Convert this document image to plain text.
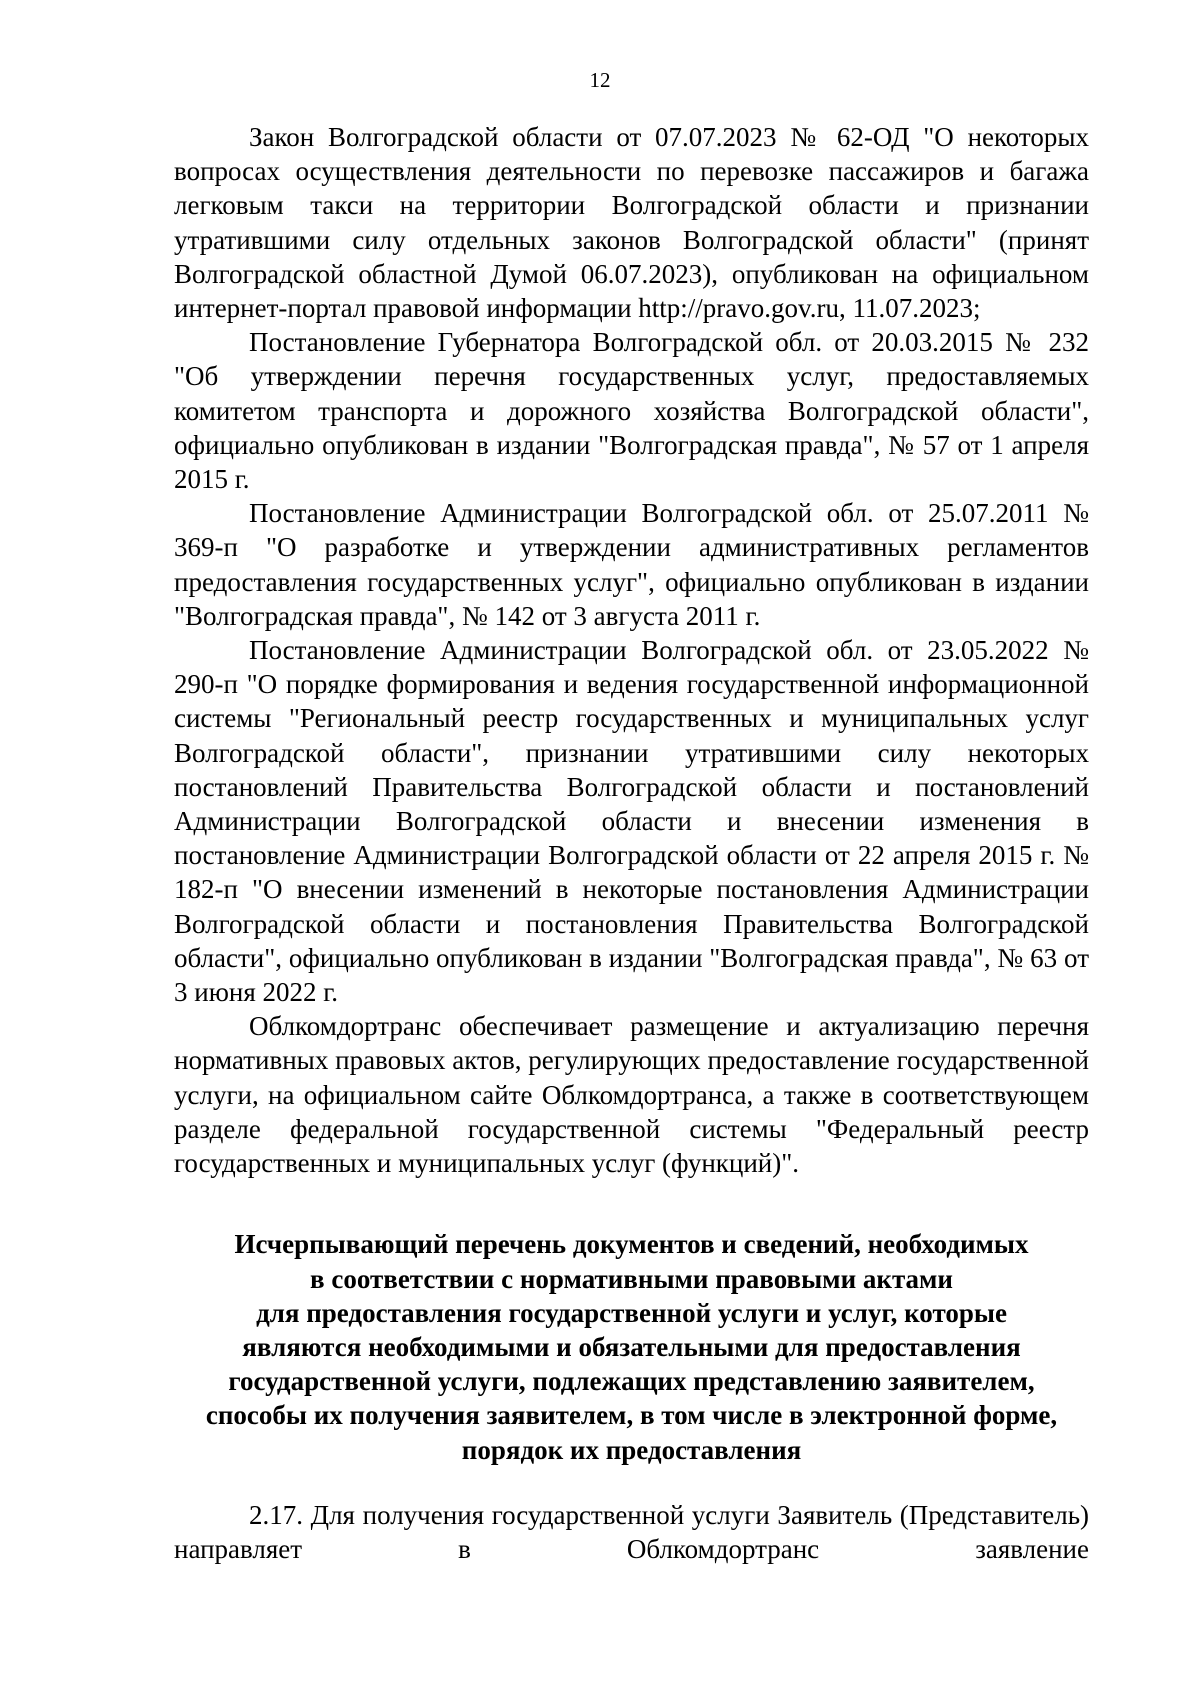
12

Закон Волгоградской области от 07.07.2023 № 62-ОД "О некоторых вопросах осуществления деятельности по перевозке пассажиров и багажа легковым такси на территории Волгоградской области и признании утратившими силу отдельных законов Волгоградской области" (принят Волгоградской областной Думой 06.07.2023), опубликован на официальном интернет-портал правовой информации http://pravo.gov.ru, 11.07.2023;

Постановление Губернатора Волгоградской обл. от 20.03.2015 № 232 "Об утверждении перечня государственных услуг, предоставляемых комитетом транспорта и дорожного хозяйства Волгоградской области", официально опубликован в издании "Волгоградская правда", № 57 от 1 апреля 2015 г.

Постановление Администрации Волгоградской обл. от 25.07.2011 № 369-п "О разработке и утверждении административных регламентов предоставления государственных услуг", официально опубликован в издании "Волгоградская правда", № 142 от 3 августа 2011 г.

Постановление Администрации Волгоградской обл. от 23.05.2022 № 290-п "О порядке формирования и ведения государственной информационной системы "Региональный реестр государственных и муниципальных услуг Волгоградской области", признании утратившими силу некоторых постановлений Правительства Волгоградской области и постановлений Администрации Волгоградской области и внесении изменения в постановление Администрации Волгоградской области от 22 апреля 2015 г. № 182-п "О внесении изменений в некоторые постановления Администрации Волгоградской области и постановления Правительства Волгоградской области", официально опубликован в издании "Волгоградская правда", № 63 от 3 июня 2022 г.

Облкомдортранс обеспечивает размещение и актуализацию перечня нормативных правовых актов, регулирующих предоставление государственной услуги, на официальном сайте Облкомдортранса, а также в соответствующем разделе федеральной государственной системы "Федеральный реестр государственных и муниципальных услуг (функций)".

Исчерпывающий перечень документов и сведений, необходимых
в соответствии с нормативными правовыми актами
для предоставления государственной услуги и услуг, которые
являются необходимыми и обязательными для предоставления
государственной услуги, подлежащих представлению заявителем,
способы их получения заявителем, в том числе в электронной форме,
порядок их предоставления

2.17. Для получения государственной услуги Заявитель (Представитель) направляет в Облкомдортранс заявление
